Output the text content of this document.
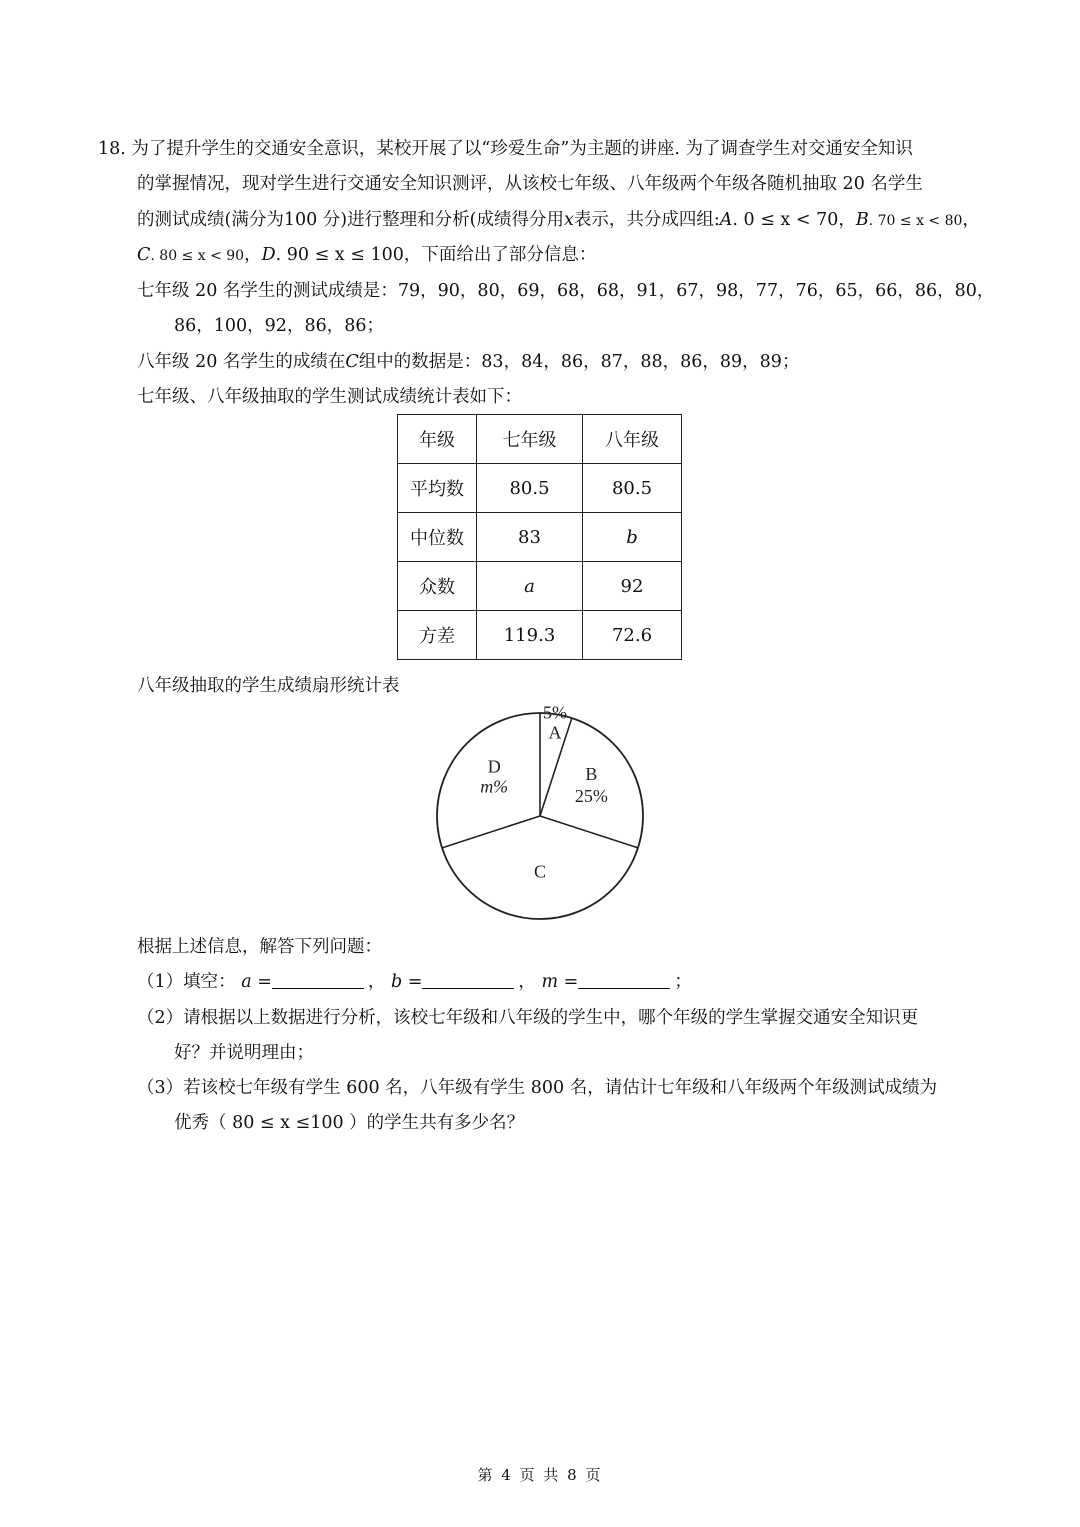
18. 为了提升学生的交通安全意识，某校开展了以“珍爱生命”为主题的讲座. 为了调查学生对交通安全知识
的掌握情况，现对学生进行交通安全知识测评，从该校七年级、八年级两个年级各随机抽取 20 名学生
的测试成绩(满分为100 分)进行整理和分析(成绩得分用x表示，共分成四组:A. 0 ≤ x < 70，B. 70 ≤ x < 80，
C. 80 ≤ x < 90，D. 90 ≤ x ≤ 100，下面给出了部分信息：
七年级 20 名学生的测试成绩是：79，90，80，69，68，68，91，67，98，77，76，65，66，86，80，
86，100，92，86，86；
八年级 20 名学生的成绩在C组中的数据是：83，84，86，87，88，86，89，89；
七年级、八年级抽取的学生测试成绩统计表如下：
年级	七年级	八年级
平均数	80.5	80.5
中位数	83	b
众数	a	92
方差	119.3	72.6
八年级抽取的学生成绩扇形统计表
5%
A
25%
B
C
m%
D
根据上述信息，解答下列问题：
（1）填空： a =	， b =	， m =	；
（2）请根据以上数据进行分析，该校七年级和八年级的学生中，哪个年级的学生掌握交通安全知识更
好？并说明理由；
（3）若该校七年级有学生 600 名，八年级有学生 800 名，请估计七年级和八年级两个年级测试成绩为
优秀（ 80 ≤ x ≤100 ）的学生共有多少名？
第 4 页 共 8 页
